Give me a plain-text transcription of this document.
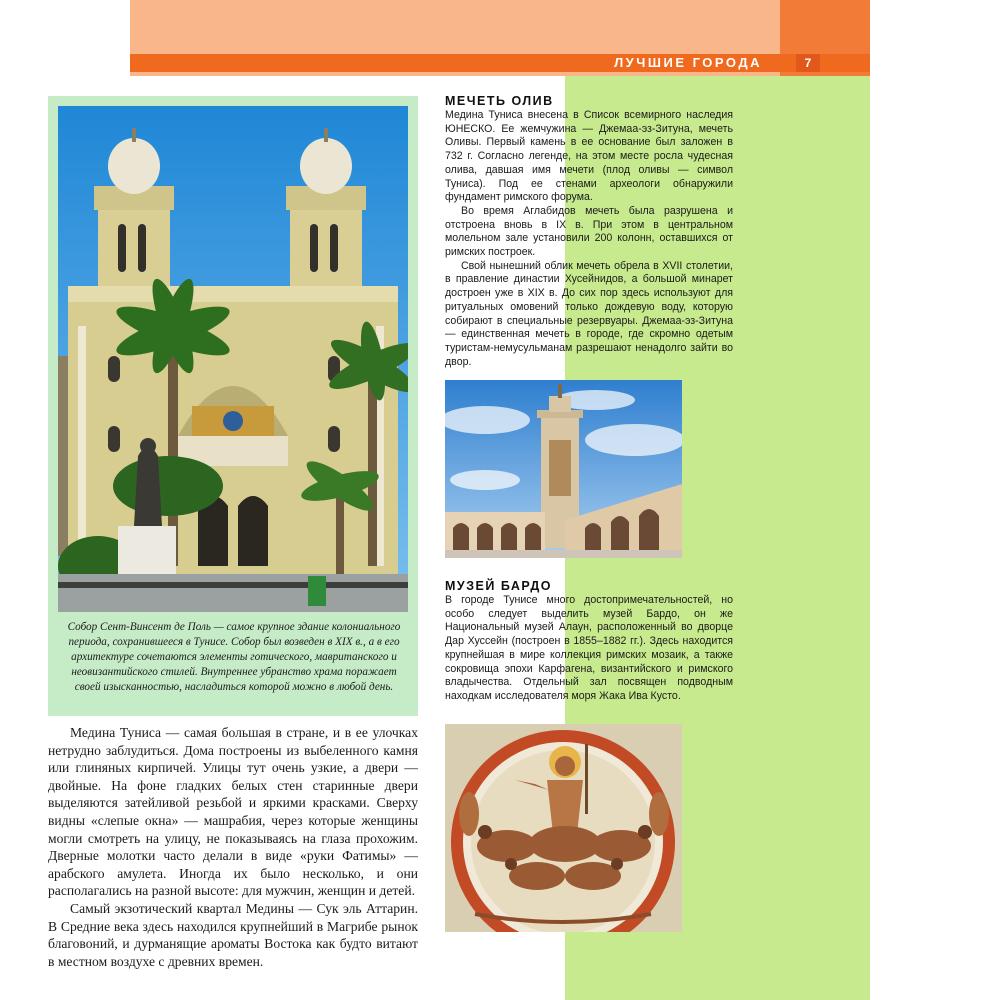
ЛУЧШИЕ ГОРОДА	7

Собор Сент-Винсент де Поль — самое крупное здание колониального периода, сохранившееся в Тунисе. Собор был возведен в XIX в., а в его архитектуре сочетаются элементы готического, мавританского и неовизантийского стилей. Внутреннее убранство храма поражает своей изысканностью, насладиться которой можно в любой день.

Медина Туниса — самая большая в стране, и в ее улочках нетрудно заблудиться. Дома построены из выбеленного камня или глиняных кирпичей. Улицы тут очень узкие, а двери — двойные. На фоне гладких белых стен старинные двери выделяются затейливой резьбой и яркими красками. Сверху видны «слепые окна» — машрабия, через которые женщины могли смотреть на улицу, не показываясь на глаза прохожим. Дверные молотки часто делали в виде «руки Фатимы» — арабского амулета. Иногда их было несколько, и они располагались на разной высоте: для мужчин, женщин и детей.

Самый экзотический квартал Медины — Сук эль Аттарин. В Средние века здесь находился крупнейший в Магрибе рынок благовоний, и дурманящие ароматы Востока как будто витают в местном воздухе с древних времен.

МЕЧЕТЬ ОЛИВ

Медина Туниса внесена в Список всемирного наследия ЮНЕСКО. Ее жемчужина — Джемаа-эз-Зитуна, мечеть Оливы. Первый камень в ее основание был заложен в 732 г. Согласно легенде, на этом месте росла чудесная олива, давшая имя мечети (плод оливы — символ Туниса). Под ее стенами археологи обнаружили фундамент римского форума.

Во время Аглабидов мечеть была разрушена и отстроена вновь в IX в. При этом в центральном молельном зале установили 200 колонн, оставшихся от римских построек.

Свой нынешний облик мечеть обрела в XVII столетии, в правление династии Хусейнидов, а большой минарет достроен уже в XIX в. До сих пор здесь используют для ритуальных омовений только дождевую воду, которую собирают в специальные резервуары. Джемаа-эз-Зитуна — единственная мечеть в городе, где скромно одетым туристам-немусульманам разрешают ненадолго зайти во двор.

МУЗЕЙ БАРДО

В городе Тунисе много достопримечательностей, но особо следует выделить музей Бардо, он же Национальный музей Алаун, расположенный во дворце Дар Хуссейн (построен в 1855–1882 гг.). Здесь находится крупнейшая в мире коллекция римских мозаик, а также сокровища эпохи Карфагена, византийского и римского владычества. Отдельный зал посвящен подводным находкам исследователя моря Жака Ива Кусто.
